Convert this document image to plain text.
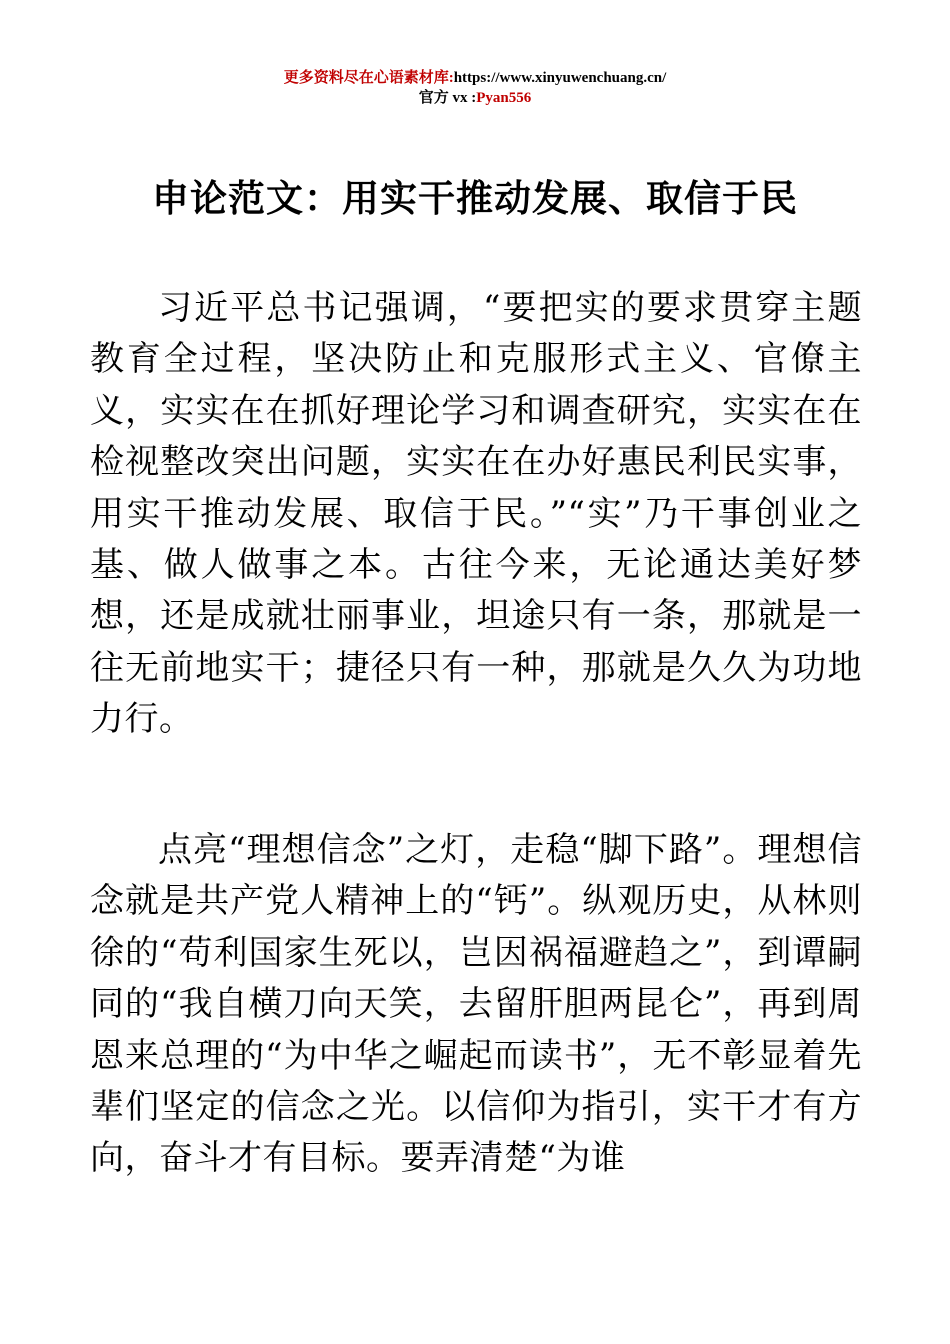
更多资料尽在心语素材库:https://www.xinyuwenchuang.cn/
官方 vx :Pyan556
申论范文：用实干推动发展、取信于民

习近平总书记强调，“要把实的要求贯穿主题教育全过程，坚决防止和克服形式主义、官僚主义，实实在在抓好理论学习和调查研究，实实在在检视整改突出问题，实实在在办好惠民利民实事，用实干推动发展、取信于民。”“实”乃干事创业之基、做人做事之本。古往今来，无论通达美好梦想，还是成就壮丽事业，坦途只有一条，那就是一往无前地实干；捷径只有一种，那就是久久为功地力行。

点亮“理想信念”之灯，走稳“脚下路”。理想信念就是共产党人精神上的“钙”。纵观历史，从林则徐的“苟利国家生死以，岂因祸福避趋之”，到谭嗣同的“我自横刀向天笑，去留肝胆两昆仑”，再到周恩来总理的“为中华之崛起而读书”，无不彰显着先辈们坚定的信念之光。以信仰为指引，实干才有方向，奋斗才有目标。要弄清楚“为谁
